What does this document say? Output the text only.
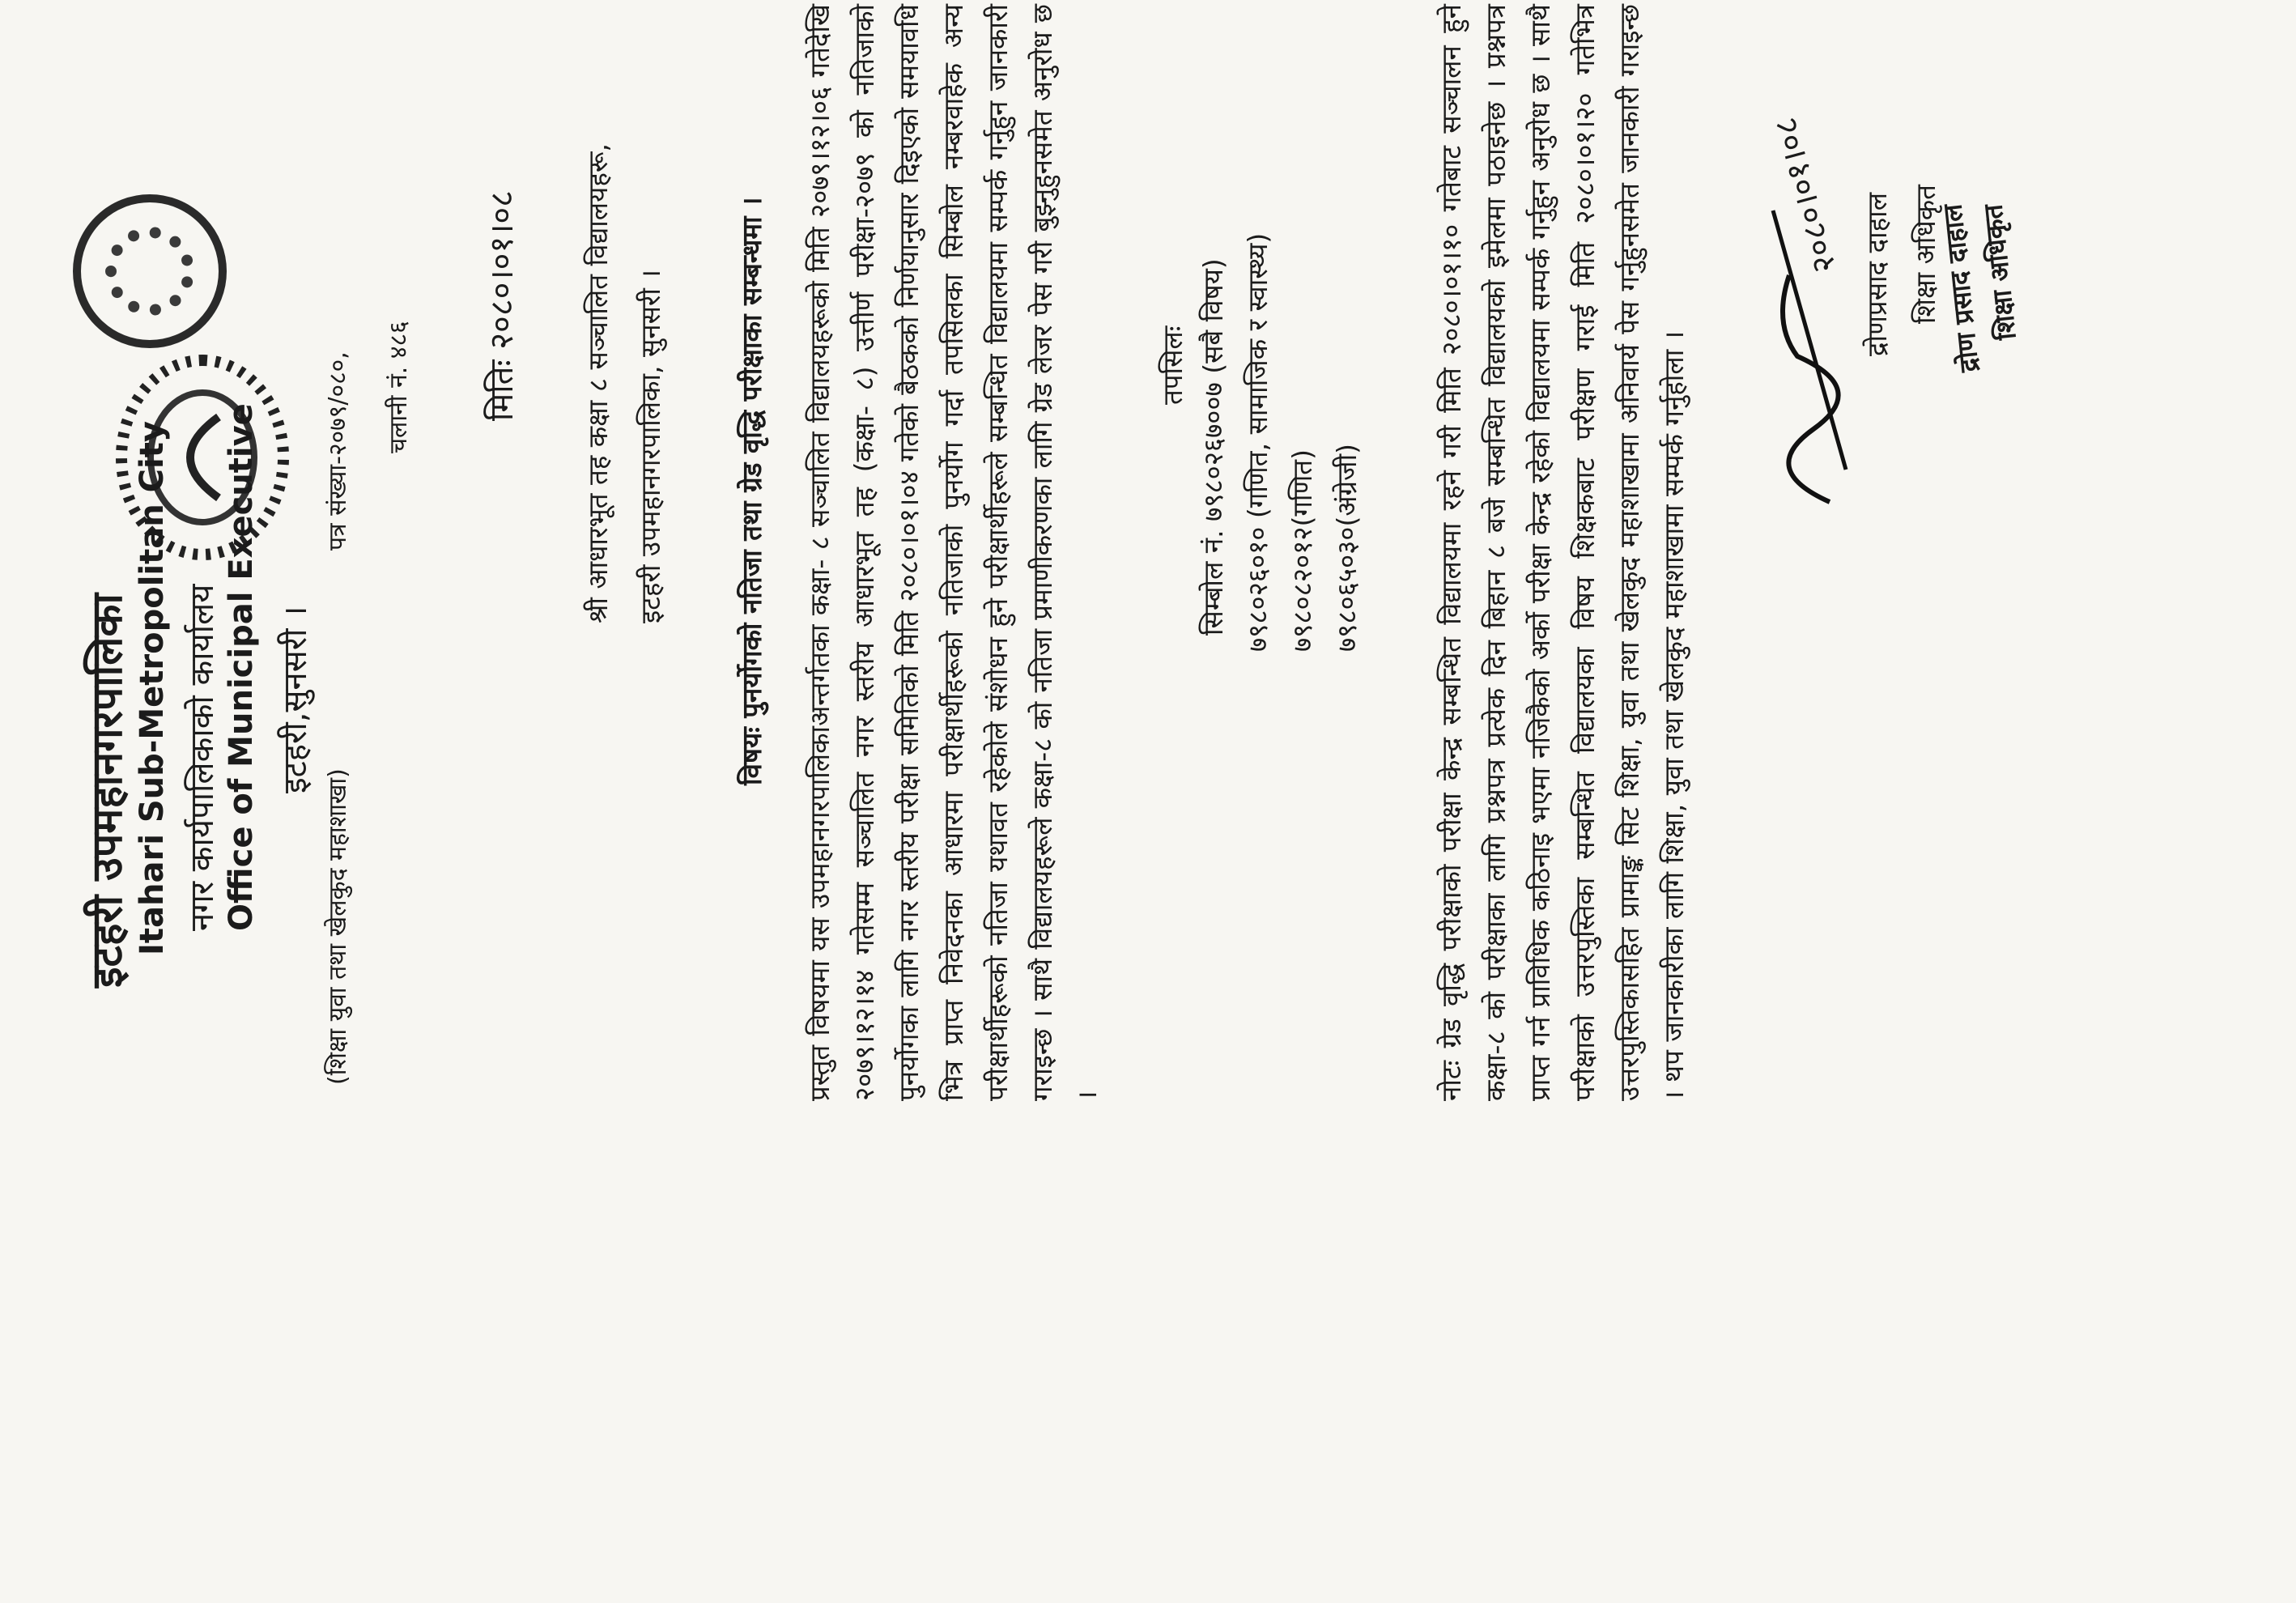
इटहरी उपमहानगरपालिका Itahari Sub-Metropolitan City नगर कार्यपालिकाको कार्यालय Office of Municipal Executive इटहरी,सुनसरी ।
(शिक्षा युवा तथा खेलकुद महाशाखा)
पत्र संख्या-२०७९/०८०, चलानी नं. ४८६ मितिः २०८०।०१।०८ श्री आधारभूत तह कक्षा ८ सञ्चालित विद्यालयहरू, इटहरी उपमहानगरपालिका, सुनसरी ।	विषयः पुनर्योगको नतिजा तथा ग्रेड वृद्धि परीक्षाका सम्बन्धमा । प्रस्तुत विषयमा यस उपमहानगरपालिकाअन्तर्गतका कक्षा- ८ सञ्चालित विद्यालयहरूको मिति २०७९।१२।०६ गतेदेखि २०७९।१२।१४ गतेसम्म सञ्चालित नगर स्तरीय आधारभूत तह (कक्षा- ८) उत्तीर्ण परीक्षा-२०७९ को नतिजाको पुनर्योगका लागि नगर स्तरीय परीक्षा समितिको मिति २०८०।०१।०४ गतेको बैठकको निर्णयानुसार दिइएको समयावधि भित्र प्राप्त निवेदनका आधारमा परीक्षार्थीहरूको नतिजाको पुनर्योग गर्दा तपसिलका सिम्बोल नम्बरवाहेक अन्य परीक्षार्थीहरूको नतिजा यथावत रहेकोले संशोधन हुने परीक्षार्थीहरूले सम्बन्धित विद्यालयमा सम्पर्क गर्नुहुन जानकारी गराइन्छ । साथै विद्यालयहरूले कक्षा-८ को नतिजा प्रमाणीकरणका लागि ग्रेड लेजर पेस गरी बुझ्नुहुनसमेत अनुरोध छ ।
तपसिलः सिम्बोल नं. ७९८०२६७००७ (सबै विषय) ७९८०२६०१० (गणित, सामाजिक र स्वास्थ्य) ७९८०८२०१२(गणित) ७९८०६५०३०(अंग्रेजी)	नोटः ग्रेड वृद्धि परीक्षाको परीक्षा केन्द्र सम्बन्धित विद्यालयमा रहने गरी मिति २०८०।०१।१० गतेबाट सञ्चालन हुने कक्षा-८ को परीक्षाका लागि प्रश्नपत्र प्रत्येक दिन बिहान ८ बजे सम्बन्धित विद्यालयको इमेलमा पठाइनेछ । प्रश्नपत्र प्राप्त गर्न प्राविधिक कठिनाइ भएमा नजिकैको अर्को परीक्षा केन्द्र रहेको विद्यालयमा सम्पर्क गर्नुहुन अनुरोध छ । साथै परीक्षाको उत्तरपुस्तिका सम्बन्धित विद्यालयका विषय शिक्षकबाट परीक्षण गराई मिति २०८०।०१।२० गतेभित्र उत्तरपुस्तिकासहित प्रामाङ्क सिट शिक्षा, युवा तथा खेलकुद महाशाखामा अनिवार्य पेस गर्नुहुनसमेत जानकारी गराइन्छ । थप जानकारीका लागि शिक्षा, युवा तथा खेलकुद महाशाखामा सम्पर्क गर्नुहोला ।
२०८०।०१।०८ द्रोणप्रसाद दाहाल शिक्षा अधिकृत
द्रोण प्रसाद दाहाल
शिक्षा अधिकृत
